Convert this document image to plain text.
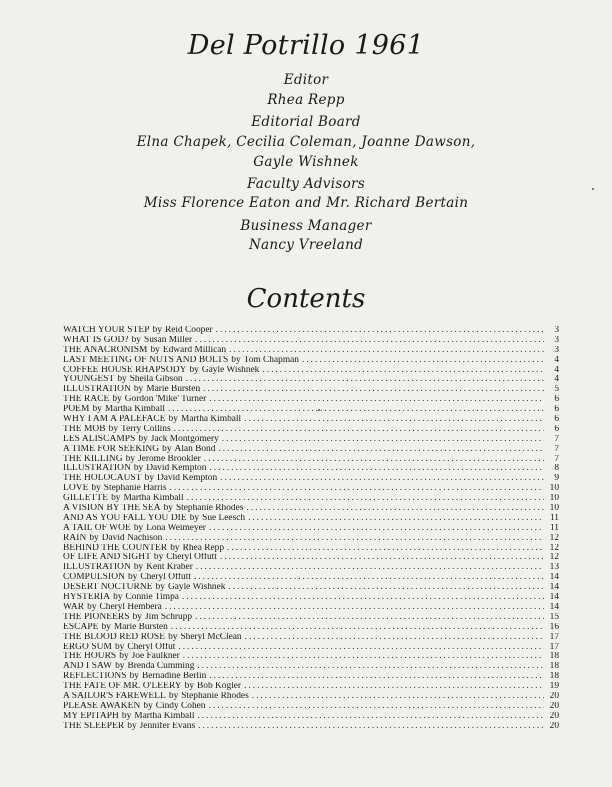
Del Potrillo 1961
Editor
Rhea Repp
Editorial Board
Elna Chapek, Cecilia Coleman, Joanne Dawson,
Gayle Wishnek
Faculty Advisors
Miss Florence Eaton and Mr. Richard Bertain
Business Manager
Nancy Vreeland
Contents
WATCH YOUR STEP by Reid Cooper .....	3
WHAT IS GOD? by Susan Miller .....	3
THE ANACRONISM by Edward Millican .....	3
LAST MEETING OF NUTS AND BOLTS by Tom Chapman .....	4
COFFEE HOUSE RHAPSODY by Gayle Wishnek .....	4
YOUNGEST by Sheila Gibson .....	4
ILLUSTRATION by Marie Bursten .....	5
THE RACE by Gordon 'Mike' Turner .....	6
POEM by Martha Kimball .....	6
WHY I AM A PALEFACE by Martha Kimball .....	6
THE MOB by Terry Collins .....	6
LES ALISCAMPS by Jack Montgomery .....	7
A TIME FOR SEEKING by Alan Bond .....	7
THE KILLING by Jerome Brookler .....	7
ILLUSTRATION by David Kempton .....	8
THE HOLOCAUST by David Kempton .....	9
LOVE by Stephanie Harris .....	10
GILLETTE by Martha Kimball .....	10
A VISION BY THE SEA by Stephanie Rhodes .....	10
AND AS YOU FALL YOU DIE by Sue Leesch .....	11
A TAIL OF WOE by Lona Weimeyer .....	11
RAIN by David Nachison .....	12
BEHIND THE COUNTER by Rhea Repp .....	12
OF LIFE AND SIGHT by Cheryl Offutt .....	12
ILLUSTRATION by Kent Kraber .....	13
COMPULSION by Cheryl Offutt .....	14
DESERT NOCTURNE by Gayle Wishnek .....	14
HYSTERIA by Connie Timpa .....	14
WAR by Cheryl Hembera .....	14
THE PIONEERS by Jim Schrupp .....	15
ESCAPE by Marie Bursten .....	16
THE BLOOD RED ROSE by Sheryl McClean .....	17
ERGO SUM by Cheryl Offut .....	17
THE HOURS by Joe Faulkner .....	18
AND I SAW by Brenda Cumming .....	18
REFLECTIONS by Bernadine Berlin .....	18
THE FATE OF MR. O'LEERY by Bob Kogler .....	19
A SAILOR'S FAREWELL by Stephanie Rhodes .....	20
PLEASE AWAKEN by Cindy Cohen .....	20
MY EPITAPH by Martha Kimball .....	20
THE SLEEPER by Jennifer Evans .....	20
